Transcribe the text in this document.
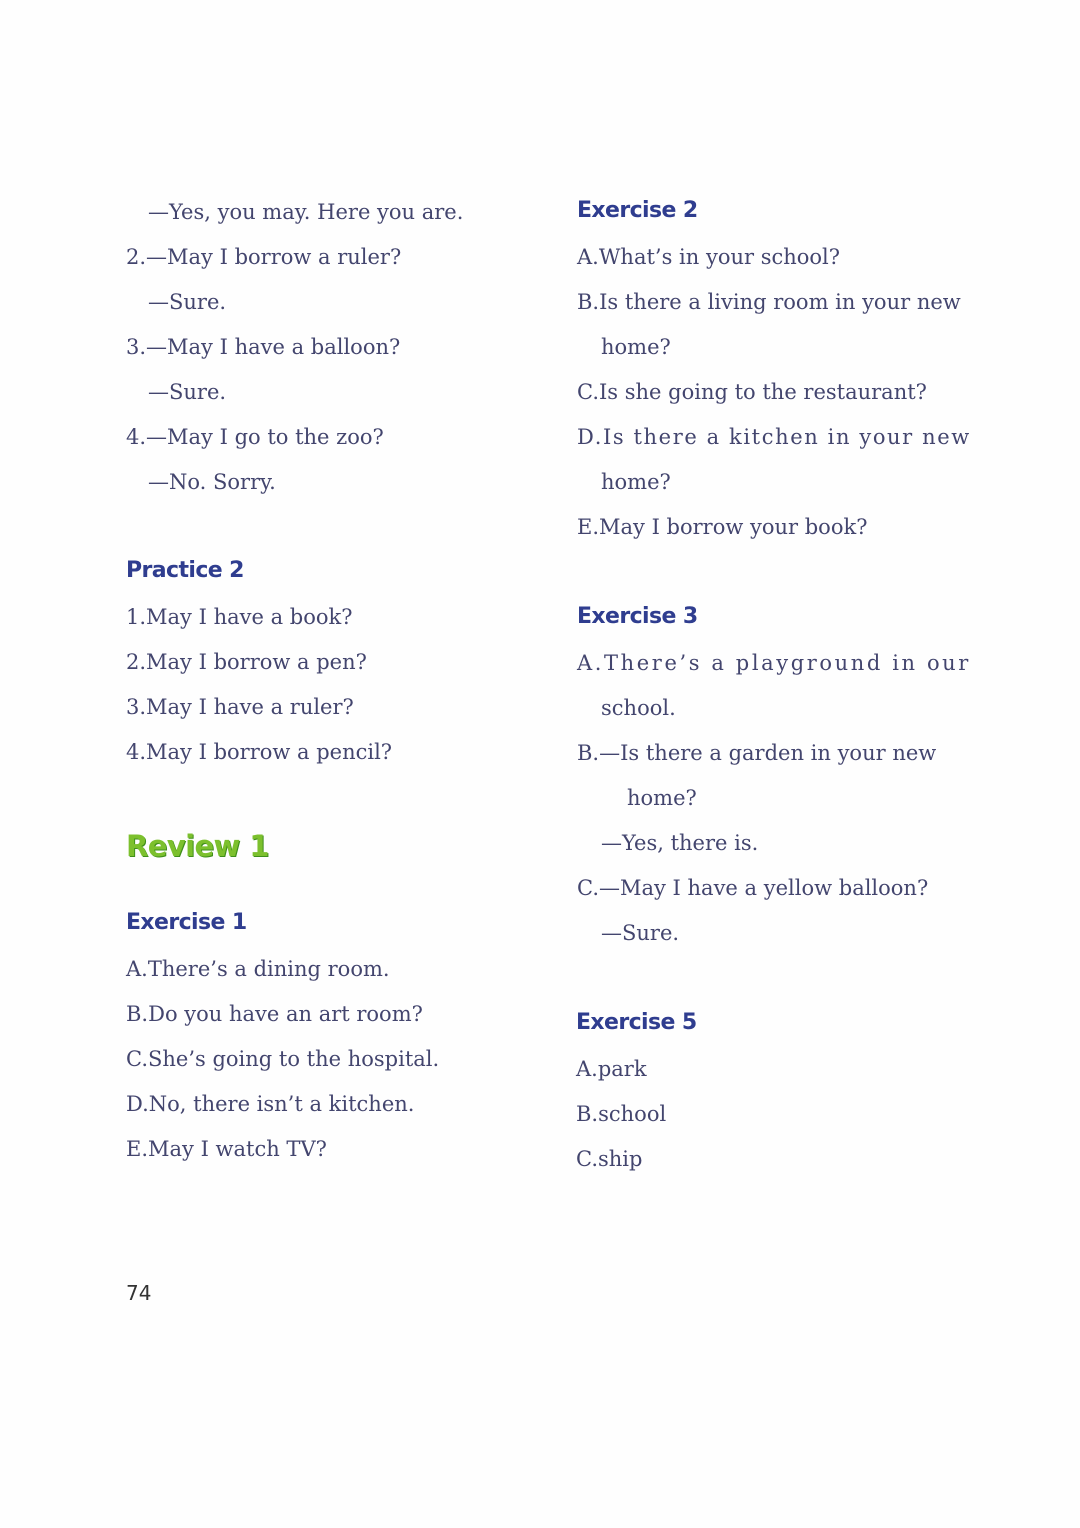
—Yes, you may. Here you are.
2.—May I borrow a ruler?
—Sure.
3.—May I have a balloon?
—Sure.
4.—May I go to the zoo?
—No. Sorry.
Practice 2
1.May I have a book?
2.May I borrow a pen?
3.May I have a ruler?
4.May I borrow a pencil?
Review 1
Exercise 1
A.There’s a dining room.
B.Do you have an art room?
C.She’s going to the hospital.
D.No, there isn’t a kitchen.
E.May I watch TV?
Exercise 2
A.What’s in your school?
B.Is there a living room in your new
home?
C.Is she going to the restaurant?
D.Is there a kitchen in your new
home?
E.May I borrow your book?
Exercise 3
A.There’s a playground in our
school.
B.—Is there a garden in your new
home?
—Yes, there is.
C.—May I have a yellow balloon?
—Sure.
Exercise 5
A.park
B.school
C.ship
74
